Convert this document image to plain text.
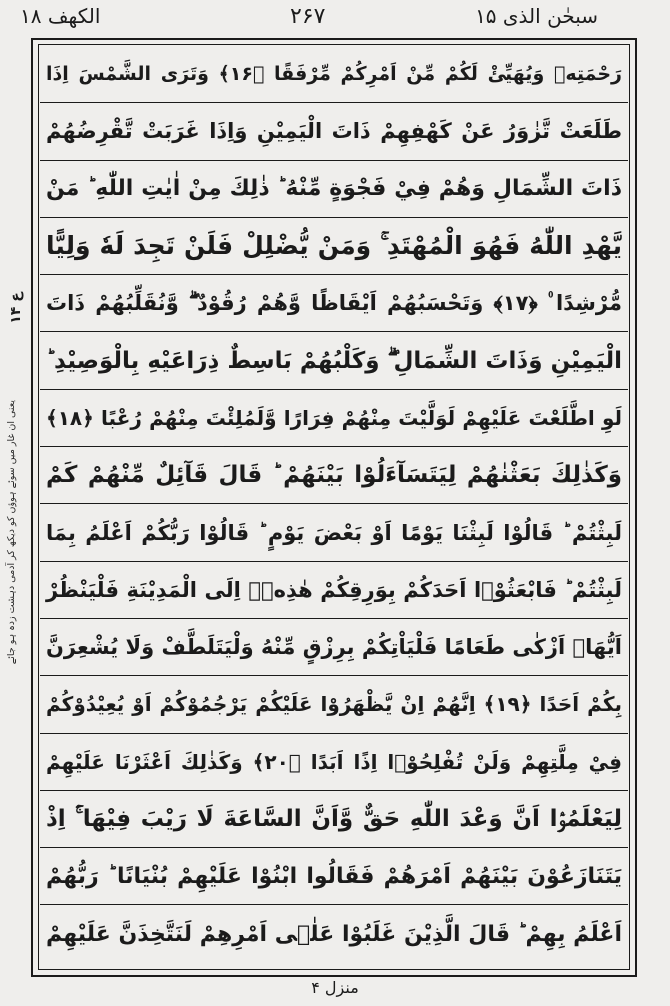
الکھف ۱۸	۲۶۷	سبحٰن الذی ۱۵
رَحْمَتِهٖ وَيُهَيِّئْ لَكُمْ مِّنْ اَمْرِكُمْ مِّرْفَقًا ﴿۱۶﴾ وَتَرَى الشَّمْسَ اِذَا
طَلَعَتْ تَّزٰوَرُ عَنْ كَهْفِهِمْ ذَاتَ الْيَمِيْنِ وَاِذَا غَرَبَتْ تَّقْرِضُهُمْ
ذَاتَ الشِّمَالِ وَهُمْ فِيْ فَجْوَةٍ مِّنْهُ ؕ ذٰلِكَ مِنْ اٰيٰتِ اللّٰهِ ؕ مَنْ
يَّهْدِ اللّٰهُ فَهُوَ الْمُهْتَدِ ۚ وَمَنْ يُّضْلِلْ فَلَنْ تَجِدَ لَهٗ وَلِيًّا
مُّرْشِدًا ۠ ﴿۱۷﴾ وَتَحْسَبُهُمْ اَيْقَاظًا وَّهُمْ رُقُوْدٌ ۖۗ وَّنُقَلِّبُهُمْ ذَاتَ
الْيَمِيْنِ وَذَاتَ الشِّمَالِ ۖۗ وَكَلْبُهُمْ بَاسِطٌ ذِرَاعَيْهِ بِالْوَصِيْدِ ؕ
لَوِ اطَّلَعْتَ عَلَيْهِمْ لَوَلَّيْتَ مِنْهُمْ فِرَارًا وَّلَمُلِئْتَ مِنْهُمْ رُعْبًا ﴿۱۸﴾
وَكَذٰلِكَ بَعَثْنٰهُمْ لِيَتَسَآءَلُوْا بَيْنَهُمْ ؕ قَالَ قَآئِلٌ مِّنْهُمْ كَمْ
لَبِثْتُمْ ؕ قَالُوْا لَبِثْنَا يَوْمًا اَوْ بَعْضَ يَوْمٍ ؕ قَالُوْا رَبُّكُمْ اَعْلَمُ بِمَا
لَبِثْتُمْ ؕ فَابْعَثُوْۤا اَحَدَكُمْ بِوَرِقِكُمْ هٰذِهٖۤ اِلَى الْمَدِيْنَةِ فَلْيَنْظُرْ
اَيُّهَاۤ اَزْكٰى طَعَامًا فَلْيَاْتِكُمْ بِرِزْقٍ مِّنْهُ وَلْيَتَلَطَّفْ وَلَا يُشْعِرَنَّ
بِكُمْ اَحَدًا ﴿۱۹﴾ اِنَّهُمْ اِنْ يَّظْهَرُوْا عَلَيْكُمْ يَرْجُمُوْكُمْ اَوْ يُعِيْدُوْكُمْ
فِيْ مِلَّتِهِمْ وَلَنْ تُفْلِحُوْۤا اِذًا اَبَدًا ﴿۲۰﴾ وَكَذٰلِكَ اَعْثَرْنَا عَلَيْهِمْ
لِيَعْلَمُوْۤا اَنَّ وَعْدَ اللّٰهِ حَقٌّ وَّاَنَّ السَّاعَةَ لَا رَيْبَ فِيْهَا ۚۛ اِذْ
يَتَنَازَعُوْنَ بَيْنَهُمْ اَمْرَهُمْ فَقَالُوا ابْنُوْا عَلَيْهِمْ بُنْيَانًا ؕ رَبُّهُمْ
اَعْلَمُ بِهِمْ ؕ قَالَ الَّذِيْنَ غَلَبُوْا عَلٰۤى اَمْرِهِمْ لَنَتَّخِذَنَّ عَلَيْهِمْ
ع ۱۴
یعنی ان غار میں سوئے ہوؤں کو دیکھ کر آدمی دہشت زدہ ہو جائے
منزل ۴
